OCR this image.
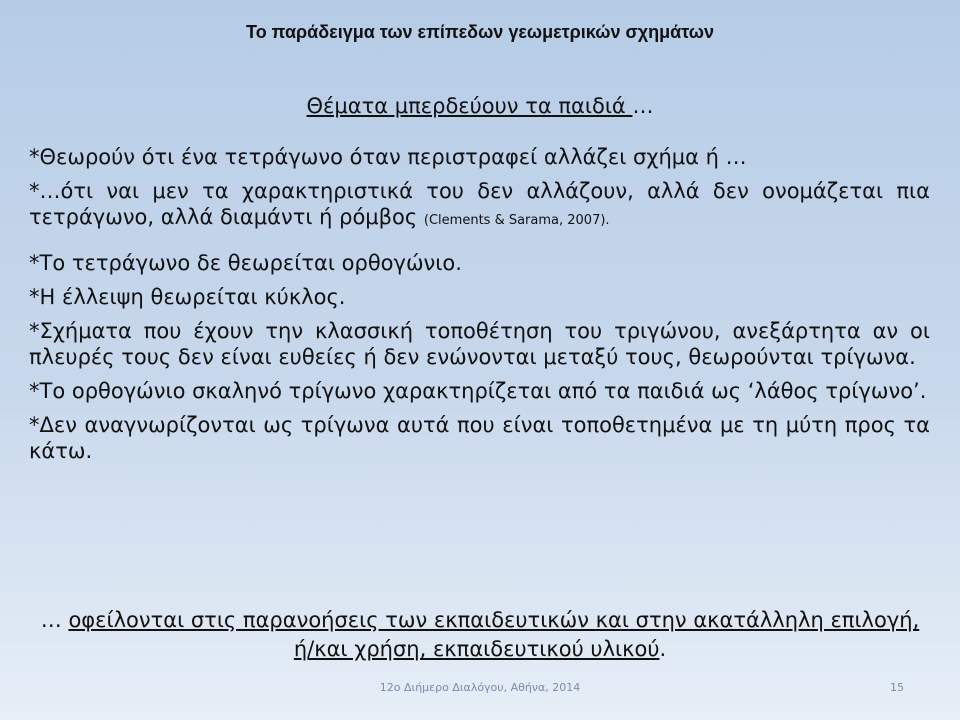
Το παράδειγμα των επίπεδων γεωμετρικών σχημάτων
Θέματα μπερδεύουν τα παιδιά …

*Θεωρούν ότι ένα τετράγωνο όταν περιστραφεί αλλάζει σχήμα ή …

*…ότι ναι μεν τα χαρακτηριστικά του δεν αλλάζουν, αλλά δεν ονομάζεται πια τετράγωνο, αλλά διαμάντι ή ρόμβος (Clements & Sarama, 2007).

*Το τετράγωνο δε θεωρείται ορθογώνιο.

*Η έλλειψη θεωρείται κύκλος.

*Σχήματα που έχουν την κλασσική τοποθέτηση του τριγώνου, ανεξάρτητα αν οι πλευρές τους δεν είναι ευθείες ή δεν ενώνονται μεταξύ τους, θεωρούνται τρίγωνα.

*Το ορθογώνιο σκαληνό τρίγωνο χαρακτηρίζεται από τα παιδιά ως ‘λάθος τρίγωνο’.

*Δεν αναγνωρίζονται ως τρίγωνα αυτά που είναι τοποθετημένα με τη μύτη προς τα κάτω.

… οφείλονται στις παρανοήσεις των εκπαιδευτικών και στην ακατάλληλη επιλογή, ή/και χρήση, εκπαιδευτικού υλικού.
12ο Διήμερο Διαλόγου, Αθήνα, 2014	15
